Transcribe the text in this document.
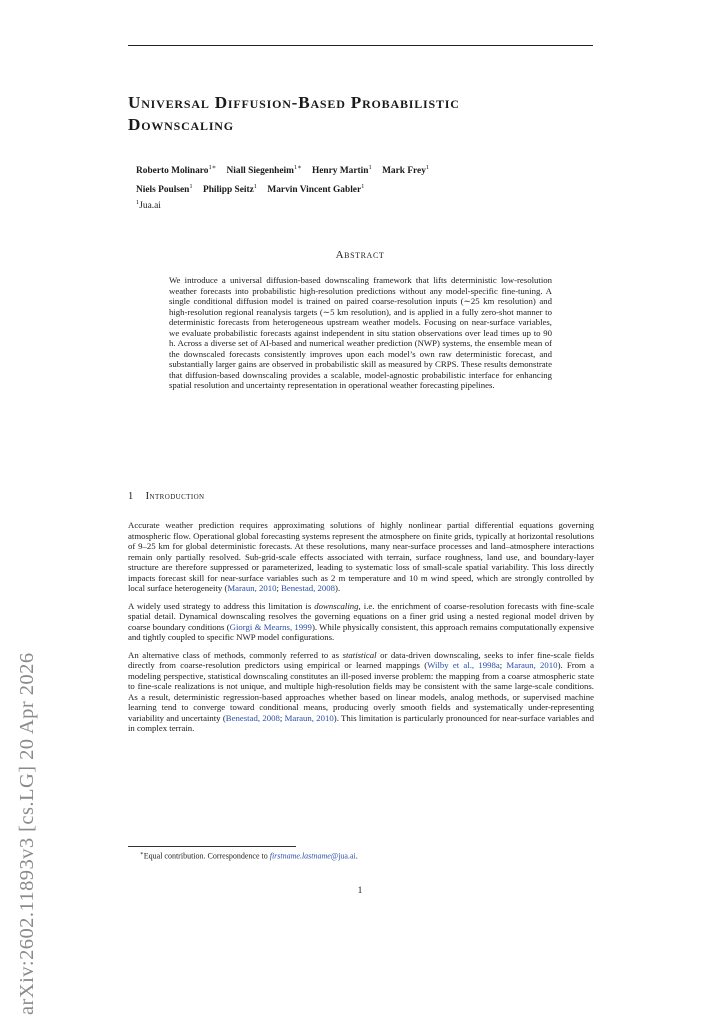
arXiv:2602.11893v3 [cs.LG] 20 Apr 2026
Universal Diffusion-Based Probabilistic
Downscaling
Roberto Molinaro$^{1∗}$ Niall Siegenheim$^{1∗}$ Henry Martin$^1$ Mark Frey$^1$
Niels Poulsen$^1$ Philipp Seitz$^1$ Marvin Vincent Gabler$^1$
$^1$Jua.ai
Abstract
We introduce a universal diffusion-based downscaling framework that lifts deterministic low-resolution weather forecasts into probabilistic high-resolution predictions without any model-specific fine-tuning. A single conditional diffusion model is trained on paired coarse-resolution inputs (∼25 km resolution) and high-resolution regional reanalysis targets (∼5 km resolution), and is applied in a fully zero-shot manner to deterministic forecasts from heterogeneous upstream weather models. Focusing on near-surface variables, we evaluate probabilistic forecasts against independent in situ station observations over lead times up to 90 h. Across a diverse set of AI-based and numerical weather prediction (NWP) systems, the ensemble mean of the downscaled forecasts consistently improves upon each model’s own raw deterministic forecast, and substantially larger gains are observed in probabilistic skill as measured by CRPS. These results demonstrate that diffusion-based downscaling provides a scalable, model-agnostic probabilistic interface for enhancing spatial resolution and uncertainty representation in operational weather forecasting pipelines.
1 Introduction

Accurate weather prediction requires approximating solutions of highly nonlinear partial differential equations governing atmospheric flow. Operational global forecasting systems represent the atmosphere on finite grids, typically at horizontal resolutions of 9–25 km for global deterministic forecasts. At these resolutions, many near-surface processes and land–atmosphere interactions remain only partially resolved. Sub-grid-scale effects associated with terrain, surface roughness, land use, and boundary-layer structure are therefore suppressed or parameterized, leading to systematic loss of small-scale spatial variability. This loss directly impacts forecast skill for near-surface variables such as 2 m temperature and 10 m wind speed, which are strongly controlled by local surface heterogeneity (Maraun, 2010; Benestad, 2008).

A widely used strategy to address this limitation is downscaling, i.e. the enrichment of coarse-resolution forecasts with fine-scale spatial detail. Dynamical downscaling resolves the governing equations on a finer grid using a nested regional model driven by coarse boundary conditions (Giorgi & Mearns, 1999). While physically consistent, this approach remains computationally expensive and tightly coupled to specific NWP model configurations.

An alternative class of methods, commonly referred to as statistical or data-driven downscaling, seeks to infer fine-scale fields directly from coarse-resolution predictors using empirical or learned mappings (Wilby et al., 1998a; Maraun, 2010). From a modeling perspective, statistical downscaling constitutes an ill-posed inverse problem: the mapping from a coarse atmospheric state to fine-scale realizations is not unique, and multiple high-resolution fields may be consistent with the same large-scale conditions. As a result, deterministic regression-based approaches whether based on linear models, analog methods, or supervised machine learning tend to converge toward conditional means, producing overly smooth fields and systematically under-representing variability and uncertainty (Benestad, 2008; Maraun, 2010). This limitation is particularly pronounced for near-surface variables and in complex terrain.

∗Equal contribution. Correspondence to firstname.lastname@jua.ai.
1
